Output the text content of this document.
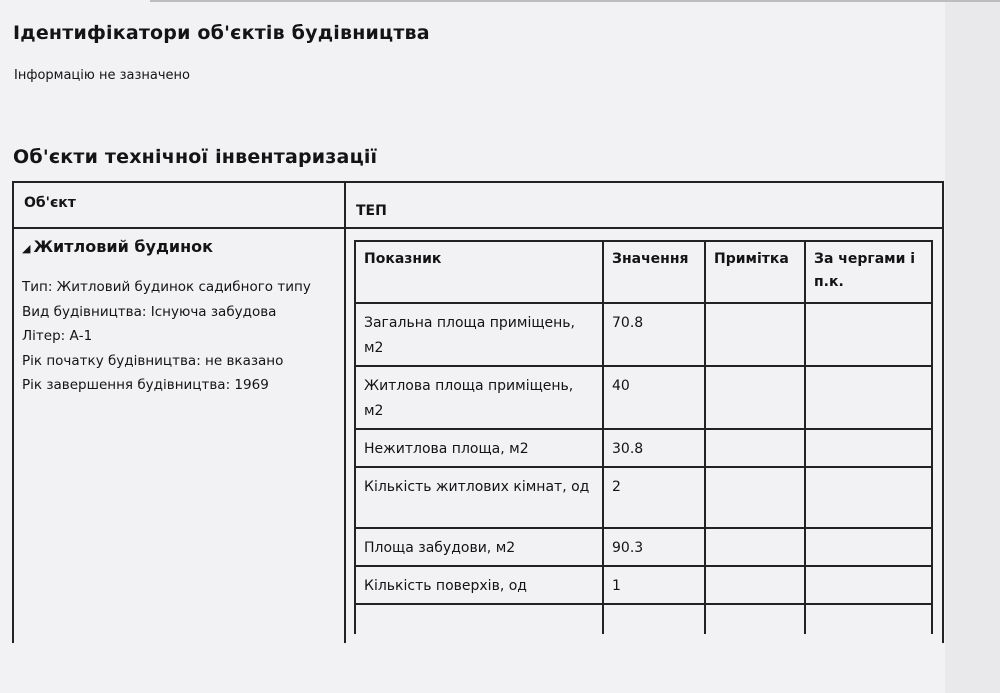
Ідентифікатори об'єктів будівництва
Інформацію не зазначено
Об'єкти технічної інвентаризації
Об'єкт	ТЕП
◢ Житловий будинок
Тип: Житловий будинок садибного типу
Вид будівництва: Існуюча забудова
Літер: А-1
Рік початку будівництва: не вказано
Рік завершення будівництва: 1969
Показник	Значення	Примітка	За чергами і п.к.
Загальна площа приміщень, м2	70.8		
Житлова площа приміщень, м2	40		
Нежитлова площа, м2	30.8		
Кількість житлових кімнат, од	2		
Площа забудови, м2	90.3		
Кількість поверхів, од	1		
